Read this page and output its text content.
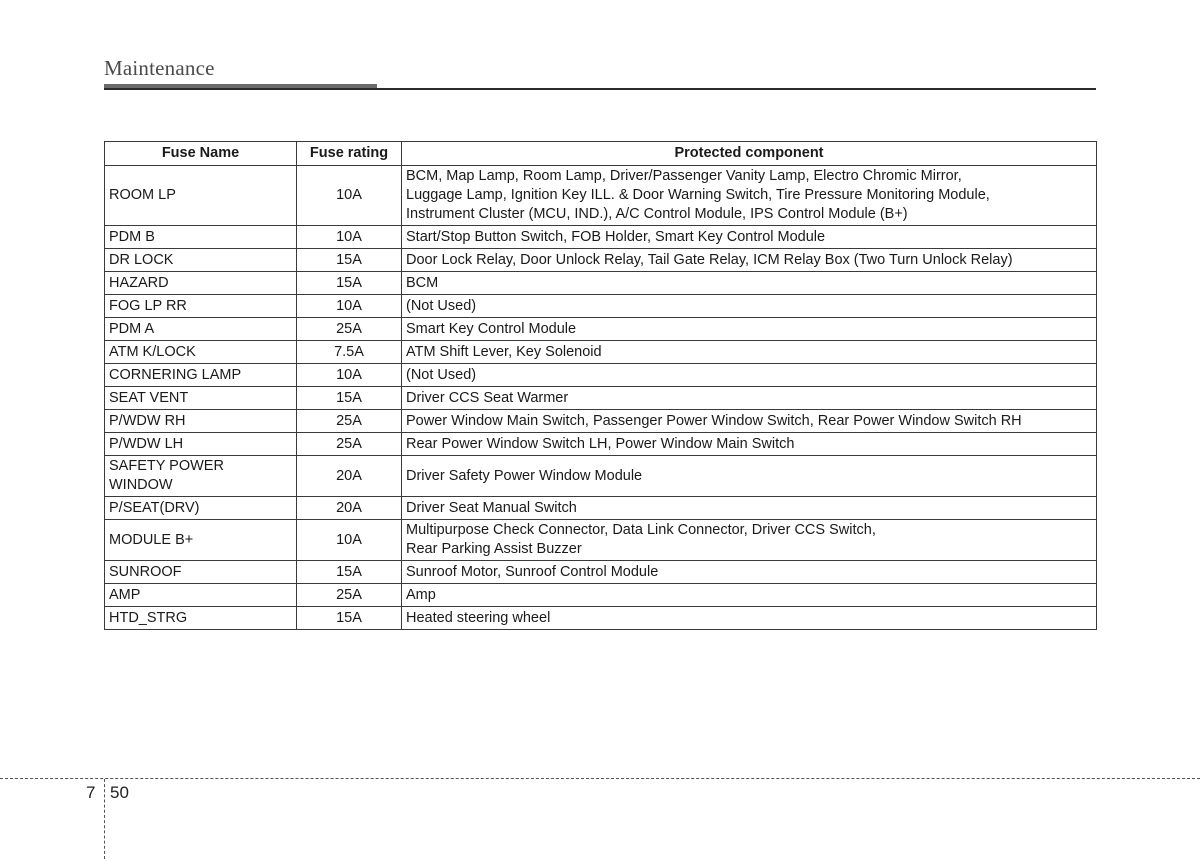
Maintenance
Fuse Name	Fuse rating	Protected component
ROOM LP	10A	BCM, Map Lamp, Room Lamp, Driver/Passenger Vanity Lamp, Electro Chromic Mirror,
Luggage Lamp, Ignition Key ILL. & Door Warning Switch, Tire Pressure Monitoring Module,
Instrument Cluster (MCU, IND.), A/C Control Module, IPS Control Module (B+)
PDM B	10A	Start/Stop Button Switch, FOB Holder, Smart Key Control Module
DR LOCK	15A	Door Lock Relay, Door Unlock Relay, Tail Gate Relay, ICM Relay Box (Two Turn Unlock Relay)
HAZARD	15A	BCM
FOG LP RR	10A	(Not Used)
PDM A	25A	Smart Key Control Module
ATM K/LOCK	7.5A	ATM Shift Lever, Key Solenoid
CORNERING LAMP	10A	(Not Used)
SEAT VENT	15A	Driver CCS Seat Warmer
P/WDW RH	25A	Power Window Main Switch, Passenger Power Window Switch, Rear Power Window Switch RH
P/WDW LH	25A	Rear Power Window Switch LH, Power Window Main Switch
SAFETY POWER
WINDOW	20A	Driver Safety Power Window Module
P/SEAT(DRV)	20A	Driver Seat Manual Switch
MODULE B+	10A	Multipurpose Check Connector, Data Link Connector, Driver CCS Switch,
Rear Parking Assist Buzzer
SUNROOF	15A	Sunroof Motor, Sunroof Control Module
AMP	25A	Amp
HTD_STRG	15A	Heated steering wheel
7 50
